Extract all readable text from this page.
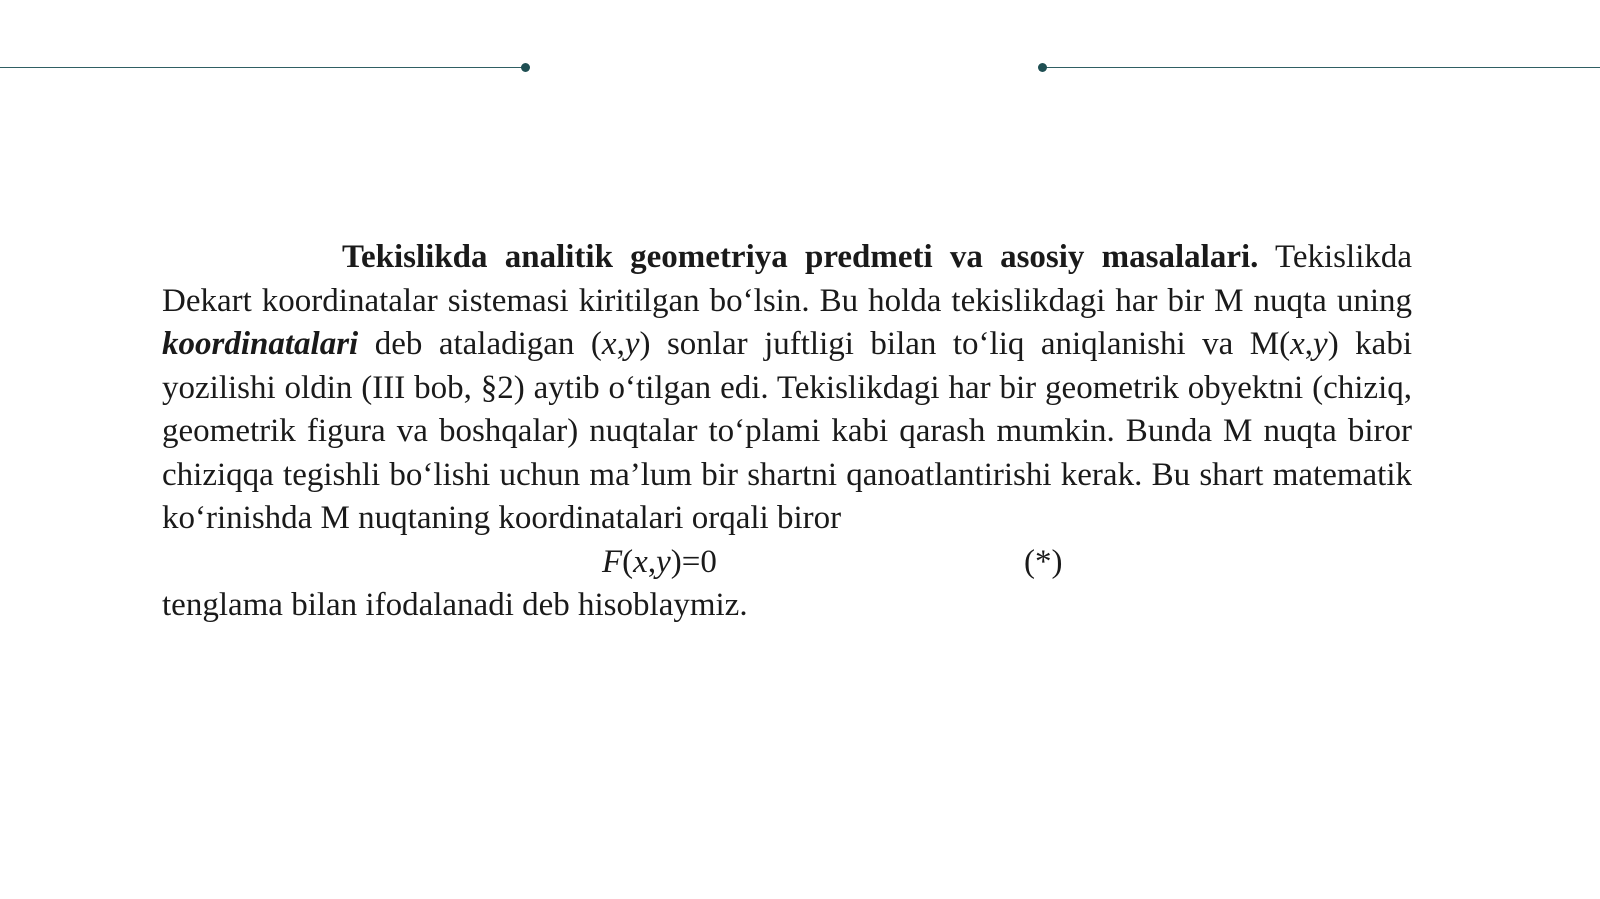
Tekislikda analitik geometriya predmeti va asosiy masalalari. Tekislikda Dekart koordinatalar sistemasi kiritilgan bo‘lsin. Bu holda tekislikdagi har bir M nuqta uning koordinatalari deb ataladigan (x,y) sonlar juftligi bilan to‘liq aniqlanishi va M(x,y) kabi yozilishi oldin (III bob, §2) aytib o‘tilgan edi. Tekislikdagi har bir geometrik obyektni (chiziq, geometrik figura va boshqalar) nuqtalar to‘plami kabi qarash mumkin. Bunda M nuqta biror chiziqqa tegishli bo‘lishi uchun ma’lum bir shartni qanoatlantirishi kerak. Bu shart matematik ko‘rinishda M nuqtaning koordinatalari orqali biror
F(x,y)=0	(*)

tenglama bilan ifodalanadi deb hisoblaymiz.
